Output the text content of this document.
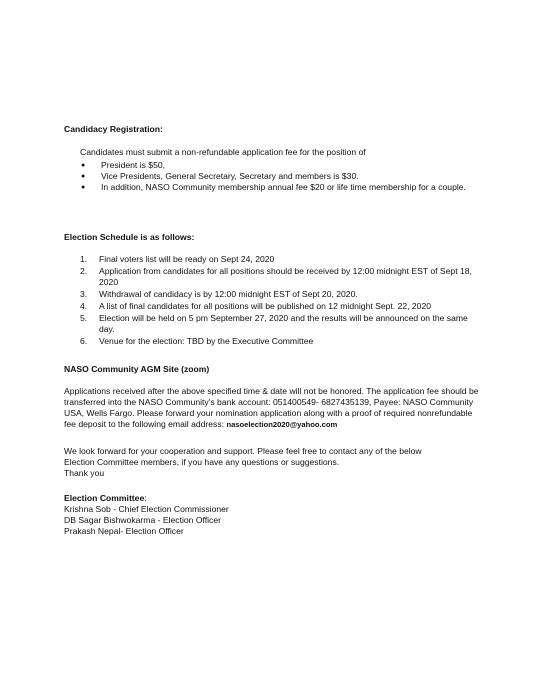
Candidacy Registration:
Candidates must submit a non-refundable application fee for the position of
● President is $50,
● Vice Presidents, General Secretary, Secretary and members is $30.
● In addition, NASO Community membership annual fee $20 or life time membership for a couple.
Election Schedule is as follows:
1. Final voters list will be ready on Sept 24, 2020
2. Application from candidates for all positions should be received by 12:00 midnight EST of Sept 18, 2020
3. Withdrawal of candidacy is by 12:00 midnight EST of Sept 20, 2020.
4. A list of final candidates for all positions will be published on 12 midnight Sept. 22, 2020
5. Election will be held on 5 pm September 27, 2020 and the results will be announced on the same day.
6. Venue for the election: TBD by the Executive Committee
NASO Community AGM Site (zoom)

Applications received after the above specified time & date will not be honored. The application fee should be transferred into the NASO Community's bank account: 051400549- 6827435139, Payee: NASO Community USA, Wells Fargo. Please forward your nomination application along with a proof of required nonrefundable fee deposit to the following email address: nasoelection2020@yahoo.com

We look forward for your cooperation and support. Please feel free to contact any of the below Election Committee members, if you have any questions or suggestions.

Thank you

Election Committee:
Krishna Sob - Chief Election Commissioner
DB Sagar Bishwokarma - Election Officer
Prakash Nepal- Election Officer
